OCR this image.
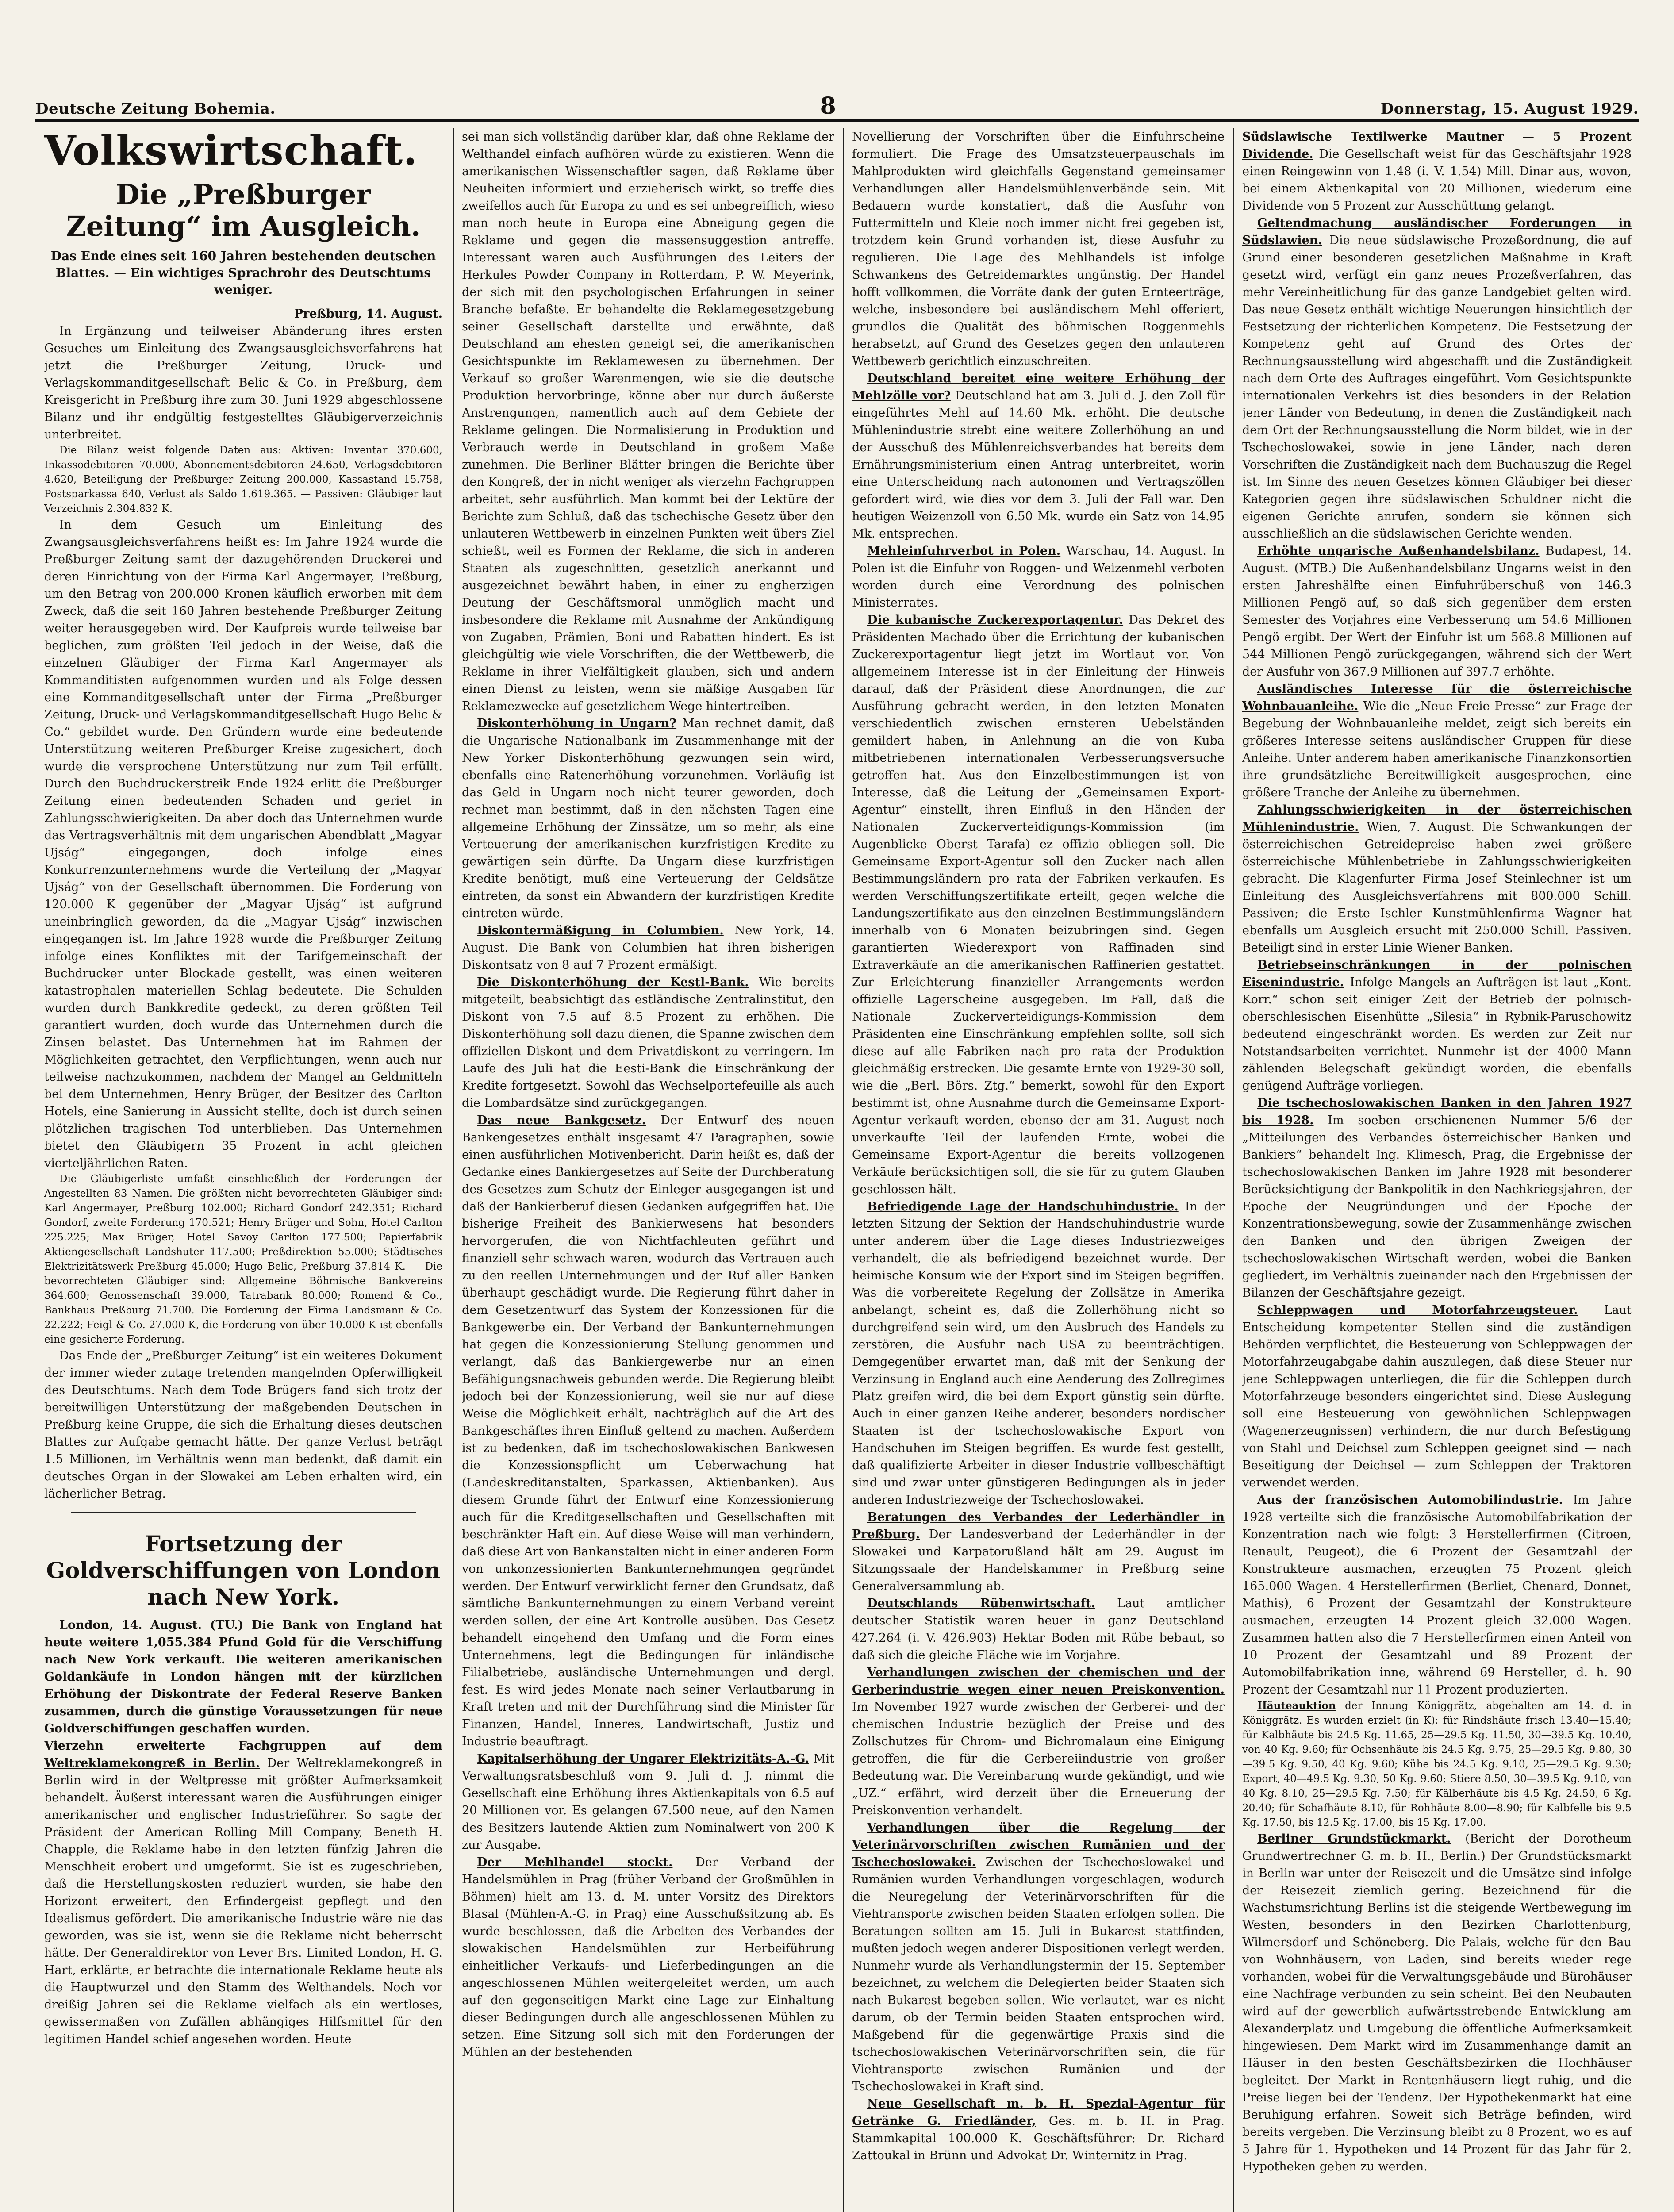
Deutsche Zeitung Bohemia.	8	Donnerstag, 15. August 1929.
Volkswirtschaft.
Die „Preßburger Zeitung“ im Ausgleich.
Das Ende eines seit 160 Jahren bestehenden deutschen Blattes. — Ein wichtiges Sprachrohr des Deutschtums weniger.

Preßburg, 14. August.

In Ergänzung und teilweiser Abänderung ihres ersten Gesuches um Einleitung des Zwangsausgleichsverfahrens hat jetzt die Preßburger Zeitung, Druck- und Verlagskommanditgesellschaft Belic & Co. in Preßburg, dem Kreisgericht in Preßburg ihre zum 30. Juni 1929 abgeschlossene Bilanz und ihr endgültig festgestelltes Gläubigerverzeichnis unterbreitet.

Die Bilanz weist folgende Daten aus: Aktiven: Inventar 370.600, Inkassodebitoren 70.000, Abonnementsdebitoren 24.650, Verlagsdebitoren 4.620, Beteiligung der Preßburger Zeitung 200.000, Kassastand 15.758, Postsparkassa 640, Verlust als Saldo 1.619.365. — Passiven: Gläubiger laut Verzeichnis 2.304.832 K.

In dem Gesuch um Einleitung des Zwangsausgleichsverfahrens heißt es: Im Jahre 1924 wurde die Preßburger Zeitung samt der dazugehörenden Druckerei und deren Einrichtung von der Firma Karl Angermayer, Preßburg, um den Betrag von 200.000 Kronen käuflich erworben mit dem Zweck, daß die seit 160 Jahren bestehende Preßburger Zeitung weiter herausgegeben wird. Der Kaufpreis wurde teilweise bar beglichen, zum größten Teil jedoch in der Weise, daß die einzelnen Gläubiger der Firma Karl Angermayer als Kommanditisten aufgenommen wurden und als Folge dessen eine Kommanditgesellschaft unter der Firma „Preßburger Zeitung, Druck- und Verlagskommanditgesellschaft Hugo Belic & Co.“ gebildet wurde. Den Gründern wurde eine bedeutende Unterstützung weiteren Preßburger Kreise zugesichert, doch wurde die versprochene Unterstützung nur zum Teil erfüllt. Durch den Buchdruckerstreik Ende 1924 erlitt die Preßburger Zeitung einen bedeutenden Schaden und geriet in Zahlungsschwierigkeiten. Da aber doch das Unternehmen wurde das Vertragsverhältnis mit dem ungarischen Abendblatt „Magyar Ujság“ eingegangen, doch infolge eines Konkurrenzunternehmens wurde die Verteilung der „Magyar Ujság“ von der Gesellschaft übernommen. Die Forderung von 120.000 K gegenüber der „Magyar Ujság“ ist aufgrund uneinbringlich geworden, da die „Magyar Ujság“ inzwischen eingegangen ist. Im Jahre 1928 wurde die Preßburger Zeitung infolge eines Konfliktes mit der Tarifgemeinschaft der Buchdrucker unter Blockade gestellt, was einen weiteren katastrophalen materiellen Schlag bedeutete. Die Schulden wurden durch Bankkredite gedeckt, zu deren größten Teil garantiert wurden, doch wurde das Unternehmen durch die Zinsen belastet. Das Unternehmen hat im Rahmen der Möglichkeiten getrachtet, den Verpflichtungen, wenn auch nur teilweise nachzukommen, nachdem der Mangel an Geldmitteln bei dem Unternehmen, Henry Brüger, der Besitzer des Carlton Hotels, eine Sanierung in Aussicht stellte, doch ist durch seinen plötzlichen tragischen Tod unterblieben. Das Unternehmen bietet den Gläubigern 35 Prozent in acht gleichen vierteljährlichen Raten.

Die Gläubigerliste umfaßt einschließlich der Forderungen der Angestellten 83 Namen. Die größten nicht bevorrechteten Gläubiger sind: Karl Angermayer, Preßburg 102.000; Richard Gondorf 242.351; Richard Gondorf, zweite Forderung 170.521; Henry Brüger und Sohn, Hotel Carlton 225.225; Max Brüger, Hotel Savoy Carlton 177.500; Papierfabrik Aktiengesellschaft Landshuter 117.500; Preßdirektion 55.000; Städtisches Elektrizitätswerk Preßburg 45.000; Hugo Belic, Preßburg 37.814 K. — Die bevorrechteten Gläubiger sind: Allgemeine Böhmische Bankvereins 364.600; Genossenschaft 39.000, Tatrabank 80.000; Romend & Co., Bankhaus Preßburg 71.700. Die Forderung der Firma Landsmann & Co. 22.222; Feigl & Co. 27.000 K, die Forderung von über 10.000 K ist ebenfalls eine gesicherte Forderung.

Das Ende der „Preßburger Zeitung“ ist ein weiteres Dokument der immer wieder zutage tretenden mangelnden Opferwilligkeit des Deutschtums. Nach dem Tode Brügers fand sich trotz der bereitwilligen Unterstützung der maßgebenden Deutschen in Preßburg keine Gruppe, die sich die Erhaltung dieses deutschen Blattes zur Aufgabe gemacht hätte. Der ganze Verlust beträgt 1.5 Millionen, im Verhältnis wenn man bedenkt, daß damit ein deutsches Organ in der Slowakei am Leben erhalten wird, ein lächerlicher Betrag.

Fortsetzung der Goldverschiffungen von London nach New York.

London, 14. August. (TU.) Die Bank von England hat heute weitere 1,055.384 Pfund Gold für die Verschiffung nach New York verkauft. Die weiteren amerikanischen Goldankäufe in London hängen mit der kürzlichen Erhöhung der Diskontrate der Federal Reserve Banken zusammen, durch die günstige Voraussetzungen für neue Goldverschiffungen geschaffen wurden.

Vierzehn erweiterte Fachgruppen auf dem Weltreklamekongreß in Berlin. Der Weltreklamekongreß in Berlin wird in der Weltpresse mit größter Aufmerksamkeit behandelt. Äußerst interessant waren die Ausführungen einiger amerikanischer und englischer Industrieführer. So sagte der Präsident der American Rolling Mill Company, Beneth H. Chapple, die Reklame habe in den letzten fünfzig Jahren die Menschheit erobert und umgeformt. Sie ist es zugeschrieben, daß die Herstellungskosten reduziert wurden, sie habe den Horizont erweitert, den Erfindergeist gepflegt und den Idealismus gefördert. Die amerikanische Industrie wäre nie das geworden, was sie ist, wenn sie die Reklame nicht beherrscht hätte. Der Generaldirektor von Lever Brs. Limited London, H. G. Hart, erklärte, er betrachte die internationale Reklame heute als die Hauptwurzel und den Stamm des Welthandels. Noch vor dreißig Jahren sei die Reklame vielfach als ein wertloses, gewissermaßen von Zufällen abhängiges Hilfsmittel für den legitimen Handel schief angesehen worden. Heute

sei man sich vollständig darüber klar, daß ohne Reklame der Welthandel einfach aufhören würde zu existieren. Wenn die amerikanischen Wissenschaftler sagen, daß Reklame über Neuheiten informiert und erzieherisch wirkt, so treffe dies zweifellos auch für Europa zu und es sei unbegreiflich, wieso man noch heute in Europa eine Abneigung gegen die Reklame und gegen die massensuggestion antreffe. Interessant waren auch Ausführungen des Leiters der Herkules Powder Company in Rotterdam, P. W. Meyerink, der sich mit den psychologischen Erfahrungen in seiner Branche befaßte. Er behandelte die Reklamegesetzgebung seiner Gesellschaft darstellte und erwähnte, daß Deutschland am ehesten geneigt sei, die amerikanischen Gesichtspunkte im Reklamewesen zu übernehmen. Der Verkauf so großer Warenmengen, wie sie die deutsche Produktion hervorbringe, könne aber nur durch äußerste Anstrengungen, namentlich auch auf dem Gebiete der Reklame gelingen. Die Normalisierung in Produktion und Verbrauch werde in Deutschland in großem Maße zunehmen. Die Berliner Blätter bringen die Berichte über den Kongreß, der in nicht weniger als vierzehn Fachgruppen arbeitet, sehr ausführlich. Man kommt bei der Lektüre der Berichte zum Schluß, daß das tschechische Gesetz über den unlauteren Wettbewerb in einzelnen Punkten weit übers Ziel schießt, weil es Formen der Reklame, die sich in anderen Staaten als zugeschnitten, gesetzlich anerkannt und ausgezeichnet bewährt haben, in einer zu engherzigen Deutung der Geschäftsmoral unmöglich macht und insbesondere die Reklame mit Ausnahme der Ankündigung von Zugaben, Prämien, Boni und Rabatten hindert. Es ist gleichgültig wie viele Vorschriften, die der Wettbewerb, die Reklame in ihrer Vielfältigkeit glauben, sich und andern einen Dienst zu leisten, wenn sie mäßige Ausgaben für Reklamezwecke auf gesetzlichem Wege hintertreiben.

Diskonterhöhung in Ungarn? Man rechnet damit, daß die Ungarische Nationalbank im Zusammenhange mit der New Yorker Diskonterhöhung gezwungen sein wird, ebenfalls eine Ratenerhöhung vorzunehmen. Vorläufig ist das Geld in Ungarn noch nicht teurer geworden, doch rechnet man bestimmt, daß in den nächsten Tagen eine allgemeine Erhöhung der Zinssätze, um so mehr, als eine Verteuerung der amerikanischen kurzfristigen Kredite zu gewärtigen sein dürfte. Da Ungarn diese kurzfristigen Kredite benötigt, muß eine Verteuerung der Geldsätze eintreten, da sonst ein Abwandern der kurzfristigen Kredite eintreten würde.

Diskontermäßigung in Columbien. New York, 14. August. Die Bank von Columbien hat ihren bisherigen Diskontsatz von 8 auf 7 Prozent ermäßigt.

Die Diskonterhöhung der Kestl-Bank. Wie bereits mitgeteilt, beabsichtigt das estländische Zentralinstitut, den Diskont von 7.5 auf 8.5 Prozent zu erhöhen. Die Diskonterhöhung soll dazu dienen, die Spanne zwischen dem offiziellen Diskont und dem Privatdiskont zu verringern. Im Laufe des Juli hat die Eesti-Bank die Einschränkung der Kredite fortgesetzt. Sowohl das Wechselportefeuille als auch die Lombardsätze sind zurückgegangen.

Das neue Bankgesetz. Der Entwurf des neuen Bankengesetzes enthält insgesamt 47 Paragraphen, sowie einen ausführlichen Motivenbericht. Darin heißt es, daß der Gedanke eines Bankiergesetzes auf Seite der Durchberatung des Gesetzes zum Schutz der Einleger ausgegangen ist und daß der Bankierberuf diesen Gedanken aufgegriffen hat. Die bisherige Freiheit des Bankierwesens hat besonders hervorgerufen, die von Nichtfachleuten geführt und finanziell sehr schwach waren, wodurch das Vertrauen auch zu den reellen Unternehmungen und der Ruf aller Banken überhaupt geschädigt wurde. Die Regierung führt daher in dem Gesetzentwurf das System der Konzessionen für die Bankgewerbe ein. Der Verband der Bankunternehmungen hat gegen die Konzessionierung Stellung genommen und verlangt, daß das Bankiergewerbe nur an einen Befähigungsnachweis gebunden werde. Die Regierung bleibt jedoch bei der Konzessionierung, weil sie nur auf diese Weise die Möglichkeit erhält, nachträglich auf die Art des Bankgeschäftes ihren Einfluß geltend zu machen. Außerdem ist zu bedenken, daß im tschechoslowakischen Bankwesen die Konzessionspflicht um Ueberwachung hat (Landeskreditanstalten, Sparkassen, Aktienbanken). Aus diesem Grunde führt der Entwurf eine Konzessionierung auch für die Kreditgesellschaften und Gesellschaften mit beschränkter Haft ein. Auf diese Weise will man verhindern, daß diese Art von Bankanstalten nicht in einer anderen Form von unkonzessionierten Bankunternehmungen gegründet werden. Der Entwurf verwirklicht ferner den Grundsatz, daß sämtliche Bankunternehmungen zu einem Verband vereint werden sollen, der eine Art Kontrolle ausüben. Das Gesetz behandelt eingehend den Umfang und die Form eines Unternehmens, legt die Bedingungen für inländische Filialbetriebe, ausländische Unternehmungen und dergl. fest. Es wird jedes Monate nach seiner Verlautbarung in Kraft treten und mit der Durchführung sind die Minister für Finanzen, Handel, Inneres, Landwirtschaft, Justiz und Industrie beauftragt.

Kapitalserhöhung der Ungarer Elektrizitäts-A.-G. Mit Verwaltungsratsbeschluß vom 9. Juli d. J. nimmt die Gesellschaft eine Erhöhung ihres Aktienkapitals von 6.5 auf 20 Millionen vor. Es gelangen 67.500 neue, auf den Namen des Besitzers lautende Aktien zum Nominalwert von 200 K zur Ausgabe.

Der Mehlhandel stockt. Der Verband der Handelsmühlen in Prag (früher Verband der Großmühlen in Böhmen) hielt am 13. d. M. unter Vorsitz des Direktors Blasal (Mühlen-A.-G. in Prag) eine Ausschußsitzung ab. Es wurde beschlossen, daß die Arbeiten des Verbandes der slowakischen Handelsmühlen zur Herbeiführung einheitlicher Verkaufs- und Lieferbedingungen an die angeschlossenen Mühlen weitergeleitet werden, um auch auf den gegenseitigen Markt eine Lage zur Einhaltung dieser Bedingungen durch alle angeschlossenen Mühlen zu setzen. Eine Sitzung soll sich mit den Forderungen der Mühlen an der bestehenden

Novellierung der Vorschriften über die Einfuhrscheine formuliert. Die Frage des Umsatzsteuerpauschals im Mahlprodukten wird gleichfalls Gegenstand gemeinsamer Verhandlungen aller Handelsmühlenverbände sein. Mit Bedauern wurde konstatiert, daß die Ausfuhr von Futtermitteln und Kleie noch immer nicht frei gegeben ist, trotzdem kein Grund vorhanden ist, diese Ausfuhr zu regulieren. Die Lage des Mehlhandels ist infolge Schwankens des Getreidemarktes ungünstig. Der Handel hofft vollkommen, die Vorräte dank der guten Ernteerträge, welche, insbesondere bei ausländischem Mehl offeriert, grundlos die Qualität des böhmischen Roggenmehls herabsetzt, auf Grund des Gesetzes gegen den unlauteren Wettbewerb gerichtlich einzuschreiten.

Deutschland bereitet eine weitere Erhöhung der Mehlzölle vor? Deutschland hat am 3. Juli d. J. den Zoll für eingeführtes Mehl auf 14.60 Mk. erhöht. Die deutsche Mühlenindustrie strebt eine weitere Zollerhöhung an und der Ausschuß des Mühlenreichsverbandes hat bereits dem Ernährungsministerium einen Antrag unterbreitet, worin eine Unterscheidung nach autonomen und Vertragszöllen gefordert wird, wie dies vor dem 3. Juli der Fall war. Den heutigen Weizenzoll von 6.50 Mk. wurde ein Satz von 14.95 Mk. entsprechen.

Mehleinfuhrverbot in Polen. Warschau, 14. August. In Polen ist die Einfuhr von Roggen- und Weizenmehl verboten worden durch eine Verordnung des polnischen Ministerrates.

Die kubanische Zuckerexportagentur. Das Dekret des Präsidenten Machado über die Errichtung der kubanischen Zuckerexportagentur liegt jetzt im Wortlaut vor. Von allgemeinem Interesse ist in der Einleitung der Hinweis darauf, daß der Präsident diese Anordnungen, die zur Ausführung gebracht werden, in den letzten Monaten verschiedentlich zwischen ernsteren Uebelständen gemildert haben, in Anlehnung an die von Kuba mitbetriebenen internationalen Verbesserungsversuche getroffen hat. Aus den Einzelbestimmungen ist von Interesse, daß die Leitung der „Gemeinsamen Export-Agentur“ einstellt, ihren Einfluß in den Händen der Nationalen Zuckerverteidigungs-Kommission (im Augenblicke Oberst Tarafa) ez offizio obliegen soll. Die Gemeinsame Export-Agentur soll den Zucker nach allen Bestimmungsländern pro rata der Fabriken verkaufen. Es werden Verschiffungszertifikate erteilt, gegen welche die Landungszertifikate aus den einzelnen Bestimmungsländern innerhalb von 6 Monaten beizubringen sind. Gegen garantierten Wiederexport von Raffinaden sind Extraverkäufe an die amerikanischen Raffinerien gestattet. Zur Erleichterung finanzieller Arrangements werden offizielle Lagerscheine ausgegeben. Im Fall, daß die Nationale Zuckerverteidigungs-Kommission dem Präsidenten eine Einschränkung empfehlen sollte, soll sich diese auf alle Fabriken nach pro rata der Produktion gleichmäßig erstrecken. Die gesamte Ernte von 1929-30 soll, wie die „Berl. Börs. Ztg.“ bemerkt, sowohl für den Export bestimmt ist, ohne Ausnahme durch die Gemeinsame Export-Agentur verkauft werden, ebenso der am 31. August noch unverkaufte Teil der laufenden Ernte, wobei die Gemeinsame Export-Agentur die bereits vollzogenen Verkäufe berücksichtigen soll, die sie für zu gutem Glauben geschlossen hält.

Befriedigende Lage der Handschuhindustrie. In der letzten Sitzung der Sektion der Handschuhindustrie wurde unter anderem über die Lage dieses Industriezweiges verhandelt, die als befriedigend bezeichnet wurde. Der heimische Konsum wie der Export sind im Steigen begriffen. Was die vorbereitete Regelung der Zollsätze in Amerika anbelangt, scheint es, daß die Zollerhöhung nicht so durchgreifend sein wird, um den Ausbruch des Handels zu zerstören, die Ausfuhr nach USA zu beeinträchtigen. Demgegenüber erwartet man, daß mit der Senkung der Verzinsung in England auch eine Aenderung des Zollregimes Platz greifen wird, die bei dem Export günstig sein dürfte. Auch in einer ganzen Reihe anderer, besonders nordischer Staaten ist der tschechoslowakische Export von Handschuhen im Steigen begriffen. Es wurde fest gestellt, daß qualifizierte Arbeiter in dieser Industrie vollbeschäftigt sind und zwar unter günstigeren Bedingungen als in jeder anderen Industriezweige der Tschechoslowakei.

Beratungen des Verbandes der Lederhändler in Preßburg. Der Landesverband der Lederhändler in der Slowakei und Karpatorußland hält am 29. August im Sitzungssaale der Handelskammer in Preßburg seine Generalversammlung ab.

Deutschlands Rübenwirtschaft. Laut amtlicher deutscher Statistik waren heuer in ganz Deutschland 427.264 (i. V. 426.903) Hektar Boden mit Rübe bebaut, so daß sich die gleiche Fläche wie im Vorjahre.

Verhandlungen zwischen der chemischen und der Gerberindustrie wegen einer neuen Preiskonvention. Im November 1927 wurde zwischen der Gerberei- und der chemischen Industrie bezüglich der Preise und des Zollschutzes für Chrom- und Bichromalaun eine Einigung getroffen, die für die Gerbereiindustrie von großer Bedeutung war. Die Vereinbarung wurde gekündigt, und wie „UZ.“ erfährt, wird derzeit über die Erneuerung der Preiskonvention verhandelt.

Verhandlungen über die Regelung der Veterinärvorschriften zwischen Rumänien und der Tschechoslowakei. Zwischen der Tschechoslowakei und Rumänien wurden Verhandlungen vorgeschlagen, wodurch die Neuregelung der Veterinärvorschriften für die Viehtransporte zwischen beiden Staaten erfolgen sollen. Die Beratungen sollten am 15. Juli in Bukarest stattfinden, mußten jedoch wegen anderer Dispositionen verlegt werden. Nunmehr wurde als Verhandlungstermin der 15. September bezeichnet, zu welchem die Delegierten beider Staaten sich nach Bukarest begeben sollen. Wie verlautet, war es nicht darum, ob der Termin beiden Staaten entsprochen wird. Maßgebend für die gegenwärtige Praxis sind die tschechoslowakischen Veterinärvorschriften sein, die für Viehtransporte zwischen Rumänien und der Tschechoslowakei in Kraft sind.

Neue Gesellschaft m. b. H. Spezial-Agentur für Getränke G. Friedländer, Ges. m. b. H. in Prag. Stammkapital 100.000 K. Geschäftsführer: Dr. Richard Zattoukal in Brünn und Advokat Dr. Winternitz in Prag.

Südslawische Textilwerke Mautner — 5 Prozent Dividende. Die Gesellschaft weist für das Geschäftsjahr 1928 einen Reingewinn von 1.48 (i. V. 1.54) Mill. Dinar aus, wovon, bei einem Aktienkapital von 20 Millionen, wiederum eine Dividende von 5 Prozent zur Ausschüttung gelangt.

Geltendmachung ausländischer Forderungen in Südslawien. Die neue südslawische Prozeßordnung, die auf Grund einer besonderen gesetzlichen Maßnahme in Kraft gesetzt wird, verfügt ein ganz neues Prozeßverfahren, das mehr Vereinheitlichung für das ganze Landgebiet gelten wird. Das neue Gesetz enthält wichtige Neuerungen hinsichtlich der Festsetzung der richterlichen Kompetenz. Die Festsetzung der Kompetenz geht auf Grund des Ortes der Rechnungsausstellung wird abgeschafft und die Zuständigkeit nach dem Orte des Auftrages eingeführt. Vom Gesichtspunkte internationalen Verkehrs ist dies besonders in der Relation jener Länder von Bedeutung, in denen die Zuständigkeit nach dem Ort der Rechnungsausstellung die Norm bildet, wie in der Tschechoslowakei, sowie in jene Länder, nach deren Vorschriften die Zuständigkeit nach dem Buchauszug die Regel ist. Im Sinne des neuen Gesetzes können Gläubiger bei dieser Kategorien gegen ihre südslawischen Schuldner nicht die eigenen Gerichte anrufen, sondern sie können sich ausschließlich an die südslawischen Gerichte wenden.

Erhöhte ungarische Außenhandelsbilanz. Budapest, 14. August. (MTB.) Die Außenhandelsbilanz Ungarns weist in den ersten Jahreshälfte einen Einfuhrüberschuß von 146.3 Millionen Pengö auf, so daß sich gegenüber dem ersten Semester des Vorjahres eine Verbesserung um 54.6 Millionen Pengö ergibt. Der Wert der Einfuhr ist um 568.8 Millionen auf 544 Millionen Pengö zurückgegangen, während sich der Wert der Ausfuhr von 367.9 Millionen auf 397.7 erhöhte.

Ausländisches Interesse für die österreichische Wohnbauanleihe. Wie die „Neue Freie Presse“ zur Frage der Begebung der Wohnbauanleihe meldet, zeigt sich bereits ein größeres Interesse seitens ausländischer Gruppen für diese Anleihe. Unter anderem haben amerikanische Finanzkonsortien ihre grundsätzliche Bereitwilligkeit ausgesprochen, eine größere Tranche der Anleihe zu übernehmen.

Zahlungsschwierigkeiten in der österreichischen Mühlenindustrie. Wien, 7. August. Die Schwankungen der österreichischen Getreidepreise haben zwei größere österreichische Mühlenbetriebe in Zahlungsschwierigkeiten gebracht. Die Klagenfurter Firma Josef Steinlechner ist um Einleitung des Ausgleichsverfahrens mit 800.000 Schill. Passiven; die Erste Ischler Kunstmühlenfirma Wagner hat ebenfalls um Ausgleich ersucht mit 250.000 Schill. Passiven. Beteiligt sind in erster Linie Wiener Banken.

Betriebseinschränkungen in der polnischen Eisenindustrie. Infolge Mangels an Aufträgen ist laut „Kont. Korr.“ schon seit einiger Zeit der Betrieb der polnisch-oberschlesischen Eisenhütte „Silesia“ in Rybnik-Paruschowitz bedeutend eingeschränkt worden. Es werden zur Zeit nur Notstandsarbeiten verrichtet. Nunmehr ist der 4000 Mann zählenden Belegschaft gekündigt worden, die ebenfalls genügend Aufträge vorliegen.

Die tschechoslowakischen Banken in den Jahren 1927 bis 1928. Im soeben erschienenen Nummer 5/6 der „Mitteilungen des Verbandes österreichischer Banken und Bankiers“ behandelt Ing. Klimesch, Prag, die Ergebnisse der tschechoslowakischen Banken im Jahre 1928 mit besonderer Berücksichtigung der Bankpolitik in den Nachkriegsjahren, der Epoche der Neugründungen und der Epoche der Konzentrationsbewegung, sowie der Zusammenhänge zwischen den Banken und den übrigen Zweigen der tschechoslowakischen Wirtschaft werden, wobei die Banken gegliedert, im Verhältnis zueinander nach den Ergebnissen der Bilanzen der Geschäftsjahre gezeigt.

Schleppwagen und Motorfahrzeugsteuer. Laut Entscheidung kompetenter Stellen sind die zuständigen Behörden verpflichtet, die Besteuerung von Schleppwagen der Motorfahrzeugabgabe dahin auszulegen, daß diese Steuer nur jene Schleppwagen unterliegen, die für die Schleppen durch Motorfahrzeuge besonders eingerichtet sind. Diese Auslegung soll eine Besteuerung von gewöhnlichen Schleppwagen (Wagenerzeugnissen) verhindern, die nur durch Befestigung von Stahl und Deichsel zum Schleppen geeignet sind — nach Beseitigung der Deichsel — zum Schleppen der Traktoren verwendet werden.

Aus der französischen Automobilindustrie. Im Jahre 1928 verteilte sich die französische Automobilfabrikation der Konzentration nach wie folgt: 3 Herstellerfirmen (Citroen, Renault, Peugeot), die 6 Prozent der Gesamtzahl der Konstrukteure ausmachen, erzeugten 75 Prozent gleich 165.000 Wagen. 4 Herstellerfirmen (Berliet, Chenard, Donnet, Mathis), 6 Prozent der Gesamtzahl der Konstrukteure ausmachen, erzeugten 14 Prozent gleich 32.000 Wagen. Zusammen hatten also die 7 Herstellerfirmen einen Anteil von 10 Prozent der Gesamtzahl und 89 Prozent der Automobilfabrikation inne, während 69 Hersteller, d. h. 90 Prozent der Gesamtzahl nur 11 Prozent produzierten.

Häuteauktion der Innung Königgrätz, abgehalten am 14. d. in Königgrätz. Es wurden erzielt (in K): für Rindshäute frisch 13.40—15.40; für Kalbhäute bis 24.5 Kg. 11.65, 25—29.5 Kg. 11.50, 30—39.5 Kg. 10.40, von 40 Kg. 9.60; für Ochsenhäute bis 24.5 Kg. 9.75, 25—29.5 Kg. 9.80, 30—39.5 Kg. 9.50, 40 Kg. 9.60; Kühe bis 24.5 Kg. 9.10, 25—29.5 Kg. 9.30; Export, 40—49.5 Kg. 9.30, 50 Kg. 9.60; Stiere 8.50, 30—39.5 Kg. 9.10, von 40 Kg. 8.10, 25—29.5 Kg. 7.50; für Kälberhäute bis 4.5 Kg. 24.50, 6 Kg. 20.40; für Schafhäute 8.10, für Rohhäute 8.00—8.90; für Kalbfelle bis 9.5 Kg. 17.50, bis 12.5 Kg. 17.00, bis 15 Kg. 17.00.

Berliner Grundstückmarkt. (Bericht der Dorotheum Grundwertrechner G. m. b. H., Berlin.) Der Grundstücksmarkt in Berlin war unter der Reisezeit und die Umsätze sind infolge der Reisezeit ziemlich gering. Bezeichnend für die Wachstumsrichtung Berlins ist die steigende Wertbewegung im Westen, besonders in den Bezirken Charlottenburg, Wilmersdorf und Schöneberg. Die Palais, welche für den Bau von Wohnhäusern, von Laden, sind bereits wieder rege vorhanden, wobei für die Verwaltungsgebäude und Bürohäuser eine Nachfrage verbunden zu sein scheint. Bei den Neubauten wird auf der gewerblich aufwärtsstrebende Entwicklung am Alexanderplatz und Umgebung die öffentliche Aufmerksamkeit hingewiesen. Dem Markt wird im Zusammenhange damit an Häuser in den besten Geschäftsbezirken die Hochhäuser begleitet. Der Markt in Rentenhäusern liegt ruhig, und die Preise liegen bei der Tendenz. Der Hypothekenmarkt hat eine Beruhigung erfahren. Soweit sich Beträge befinden, wird bereits vergeben. Die Verzinsung bleibt zu 8 Prozent, wo es auf 5 Jahre für 1. Hypotheken und 14 Prozent für das Jahr für 2. Hypotheken geben zu werden.
